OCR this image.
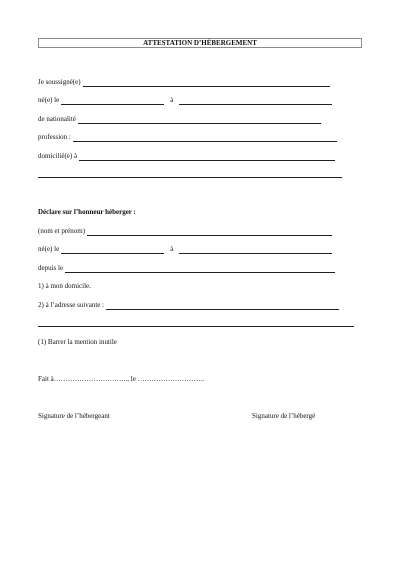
ATTESTATION D’HÉBERGEMENT
Je soussigné(e)
né(e) le	à
de nationalité
profession :
domicilié(e) à
Déclare sur l’honneur héberger :
(nom et prénom)
né(e) le	à
depuis le
1) à mon domicile.
2) à l’adresse suivante :
(1) Barrer la mention inutile
Fait à………………………….., le ………………………..
Signature de l’hébergeant	Signature de l’hébergé
